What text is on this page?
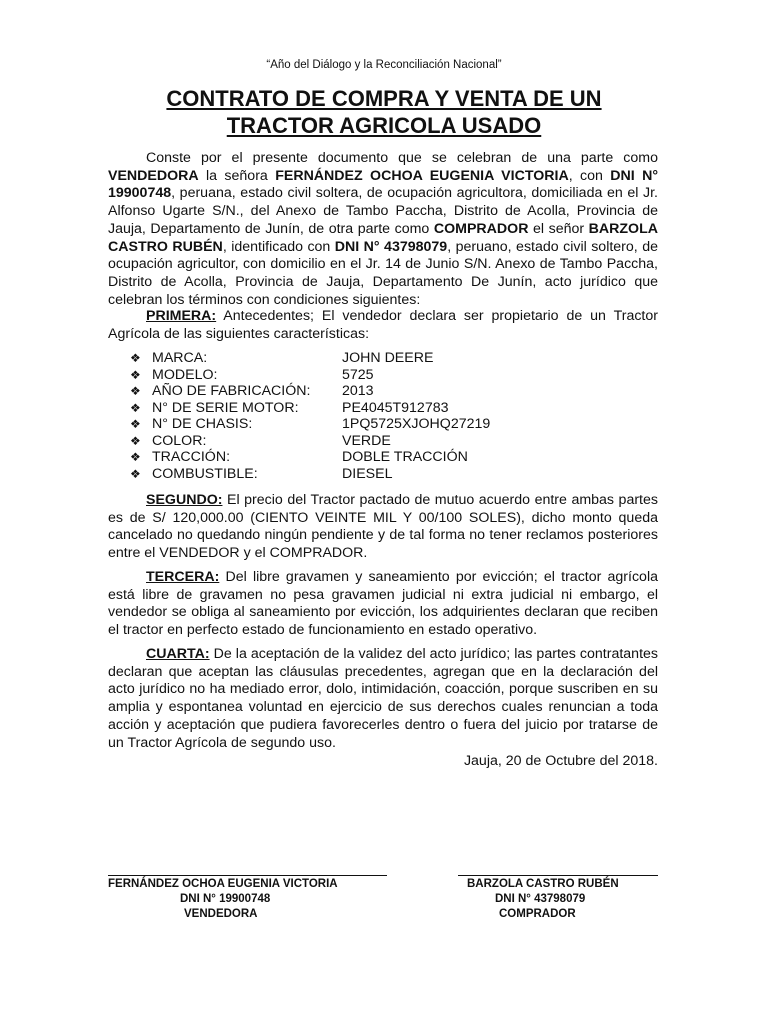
“Año del Diálogo y la Reconciliación Nacional”
CONTRATO DE COMPRA Y VENTA DE UN
TRACTOR AGRICOLA USADO

Conste por el presente documento que se celebran de una parte como VENDEDORA la señora FERNÁNDEZ OCHOA EUGENIA VICTORIA, con DNI N° 19900748, peruana, estado civil soltera, de ocupación agricultora, domiciliada en el Jr. Alfonso Ugarte S/N., del Anexo de Tambo Paccha, Distrito de Acolla, Provincia de Jauja, Departamento de Junín, de otra parte como COMPRADOR el señor BARZOLA CASTRO RUBÉN, identificado con DNI N° 43798079, peruano, estado civil soltero, de ocupación agricultor, con domicilio en el Jr. 14 de Junio S/N. Anexo de Tambo Paccha, Distrito de Acolla, Provincia de Jauja, Departamento De Junín, acto jurídico que celebran los términos con condiciones siguientes:

PRIMERA: Antecedentes; El vendedor declara ser propietario de un Tractor Agrícola de las siguientes características:

❖ MARCA:	JOHN DEERE
❖ MODELO:	5725
❖ AÑO DE FABRICACIÓN: 2013
❖ N° DE SERIE MOTOR:	PE4045T912783
❖ N° DE CHASIS:	1PQ5725XJOHQ27219
❖ COLOR:	VERDE
❖ TRACCIÓN:	DOBLE TRACCIÓN
❖ COMBUSTIBLE:	DIESEL

SEGUNDO: El precio del Tractor pactado de mutuo acuerdo entre ambas partes es de S/ 120,000.00 (CIENTO VEINTE MIL Y 00/100 SOLES), dicho monto queda cancelado no quedando ningún pendiente y de tal forma no tener reclamos posteriores entre el VENDEDOR y el COMPRADOR.

TERCERA: Del libre gravamen y saneamiento por evicción; el tractor agrícola está libre de gravamen no pesa gravamen judicial ni extra judicial ni embargo, el vendedor se obliga al saneamiento por evicción, los adquirientes declaran que reciben el tractor en perfecto estado de funcionamiento en estado operativo.

CUARTA: De la aceptación de la validez del acto jurídico; las partes contratantes declaran que aceptan las cláusulas precedentes, agregan que en la declaración del acto jurídico no ha mediado error, dolo, intimidación, coacción, porque suscriben en su amplia y espontanea voluntad en ejercicio de sus derechos cuales renuncian a toda acción y aceptación que pudiera favorecerles dentro o fuera del juicio por tratarse de un Tractor Agrícola de segundo uso.

Jauja, 20 de Octubre del 2018.
FERNÁNDEZ OCHOA EUGENIA VICTORIA
DNI N° 19900748
VENDEDORA
BARZOLA CASTRO RUBÉN
DNI N° 43798079
COMPRADOR
